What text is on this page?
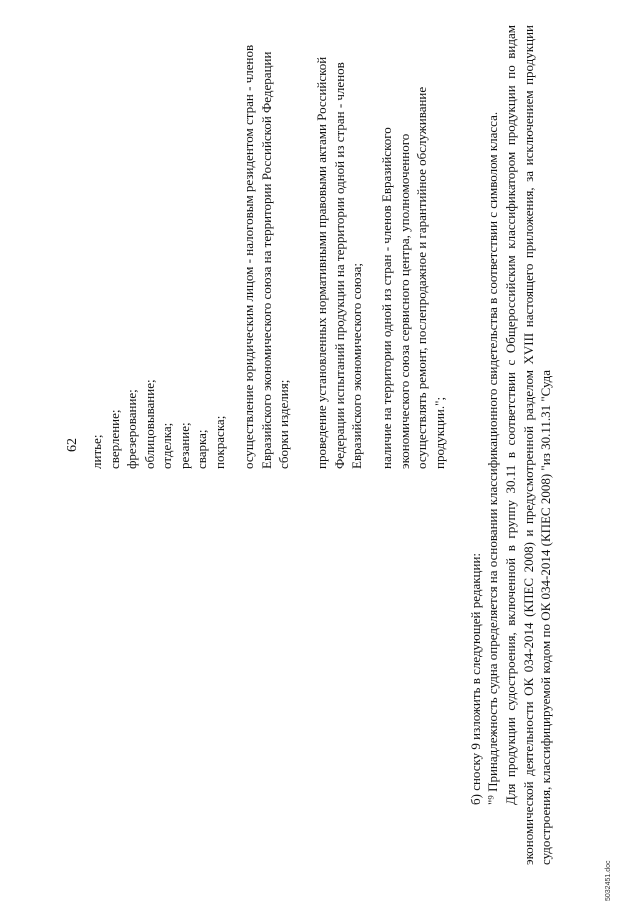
62 литье; сверление; фрезерование; облицовывание; отделка; резание; сварка; покраска; осуществление юридическим лицом - налоговым резидентом стран - членов Евразийского экономического союза на территории Российской Федерации сборки изделия; проведение установленных нормативными правовыми актами Российской Федерации испытаний продукции на территории одной из стран - членов Евразийского экономического союза; наличие на территории одной из стран - членов Евразийского экономического союза сервисного центра, уполномоченного осуществлять ремонт, послепродажное и гарантийное обслуживание продукции.";

б) сноску 9 изложить в следующей редакции: "⁹ Принадлежность судна определяется на основании классификационного свидетельства в соответствии с символом класса. Для продукции судостроения, включенной в группу 30.11 в соответствии с Общероссийским классификатором продукции по видам экономической деятельности ОК 034-2014 (КПЕС 2008) и предусмотренной разделом XVIII настоящего приложения, за исключением продукции судостроения, классифицируемой кодом по ОК 034-2014 (КПЕС 2008) "из 30.11.31 "Суда

5032451.doc
